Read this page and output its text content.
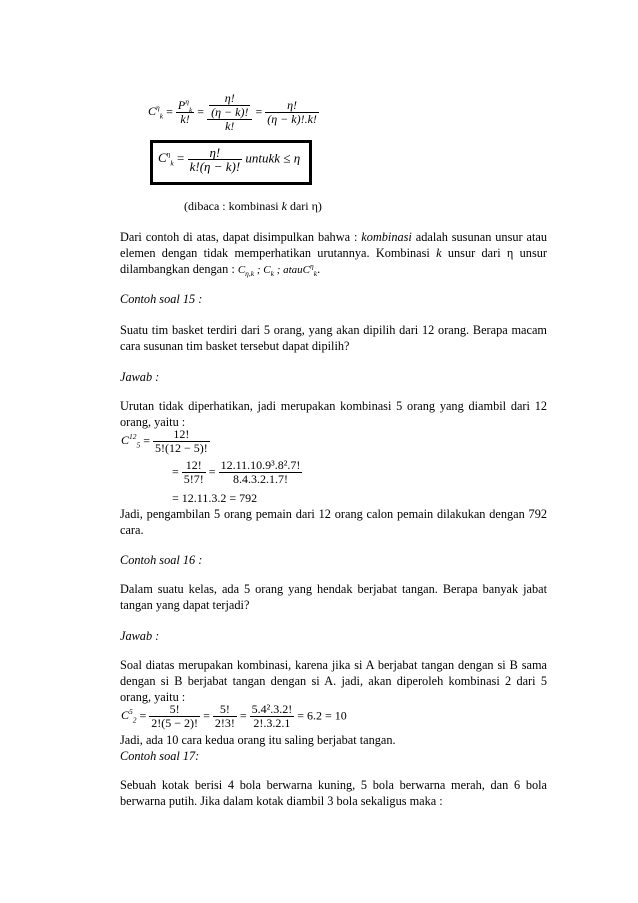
$C^\eta_k = \frac{P^\eta_k}{k!} = \frac{\frac{\eta!}{(\eta - k)!}}{k!} = \frac{\eta!}{(\eta - k)!.k!}$
$C^\eta_k = \frac{\eta!}{k!(\eta - k)!}$ untukk ≤ η
(dibaca : kombinasi k dari η)
Dari contoh di atas, dapat disimpulkan bahwa : kombinasi adalah susunan unsur atau elemen dengan tidak memperhatikan urutannya. Kombinasi k unsur dari η unsur dilambangkan dengan : $C_{\eta,k}$ ; $C_k$ ; atauC$^\eta_k$.
Contoh soal 15 :
Suatu tim basket terdiri dari 5 orang, yang akan dipilih dari 12 orang. Berapa macam cara susunan tim basket tersebut dapat dipilih?
Jawab :
Urutan tidak diperhatikan, jadi merupakan kombinasi 5 orang yang diambil dari 12 orang, yaitu :
$C^{12}_5 = \frac{12!}{5!(12 - 5)!}$
= $\frac{12!}{5!7!} = \frac{\text{12.11.10.9³.8².7!}}{8.4.3.2.1.7!}$
= 12.11.3.2 = 792
Jadi, pengambilan 5 orang pemain dari 12 orang calon pemain dilakukan dengan 792 cara.
Contoh soal 16 :
Dalam suatu kelas, ada 5 orang yang hendak berjabat tangan. Berapa banyak jabat tangan yang dapat terjadi?
Jawab :
Soal diatas merupakan kombinasi, karena jika si A berjabat tangan dengan si B sama dengan si B berjabat tangan dengan si A. jadi, akan diperoleh kombinasi 2 dari 5 orang, yaitu :
$C^5_2 = \frac{5!}{2!(5 - 2)!} = \frac{5!}{2!3!} = \frac{\text{5.4².3.2!}}{2!.3.2.1} = 6.2 = 10$
Jadi, ada 10 cara kedua orang itu saling berjabat tangan.
Contoh soal 17:
Sebuah kotak berisi 4 bola berwarna kuning, 5 bola berwarna merah, dan 6 bola berwarna putih. Jika dalam kotak diambil 3 bola sekaligus maka :
